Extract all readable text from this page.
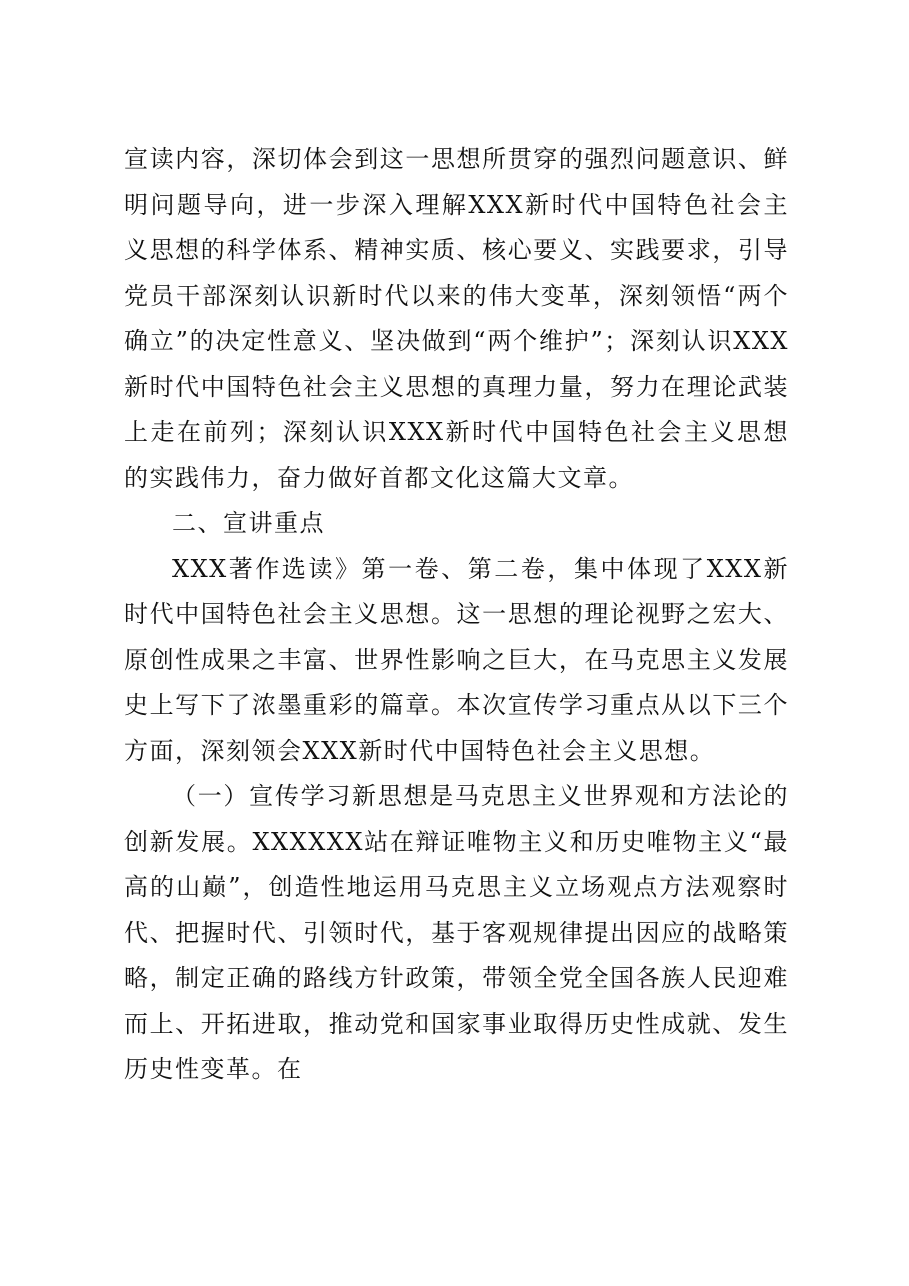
宣读内容，深切体会到这一思想所贯穿的强烈问题意识、鲜明问题导向，进一步深入理解XXX新时代中国特色社会主义思想的科学体系、精神实质、核心要义、实践要求，引导党员干部深刻认识新时代以来的伟大变革，深刻领悟“两个确立”的决定性意义、坚决做到“两个维护”；深刻认识XXX新时代中国特色社会主义思想的真理力量，努力在理论武装上走在前列；深刻认识XXX新时代中国特色社会主义思想的实践伟力，奋力做好首都文化这篇大文章。

二、宣讲重点

XXX著作选读》第一卷、第二卷，集中体现了XXX新时代中国特色社会主义思想。这一思想的理论视野之宏大、原创性成果之丰富、世界性影响之巨大，在马克思主义发展史上写下了浓墨重彩的篇章。本次宣传学习重点从以下三个方面，深刻领会XXX新时代中国特色社会主义思想。

（一）宣传学习新思想是马克思主义世界观和方法论的创新发展。XXXXXX站在辩证唯物主义和历史唯物主义“最高的山巅”，创造性地运用马克思主义立场观点方法观察时代、把握时代、引领时代，基于客观规律提出因应的战略策略，制定正确的路线方针政策，带领全党全国各族人民迎难而上、开拓进取，推动党和国家事业取得历史性成就、发生历史性变革。在
